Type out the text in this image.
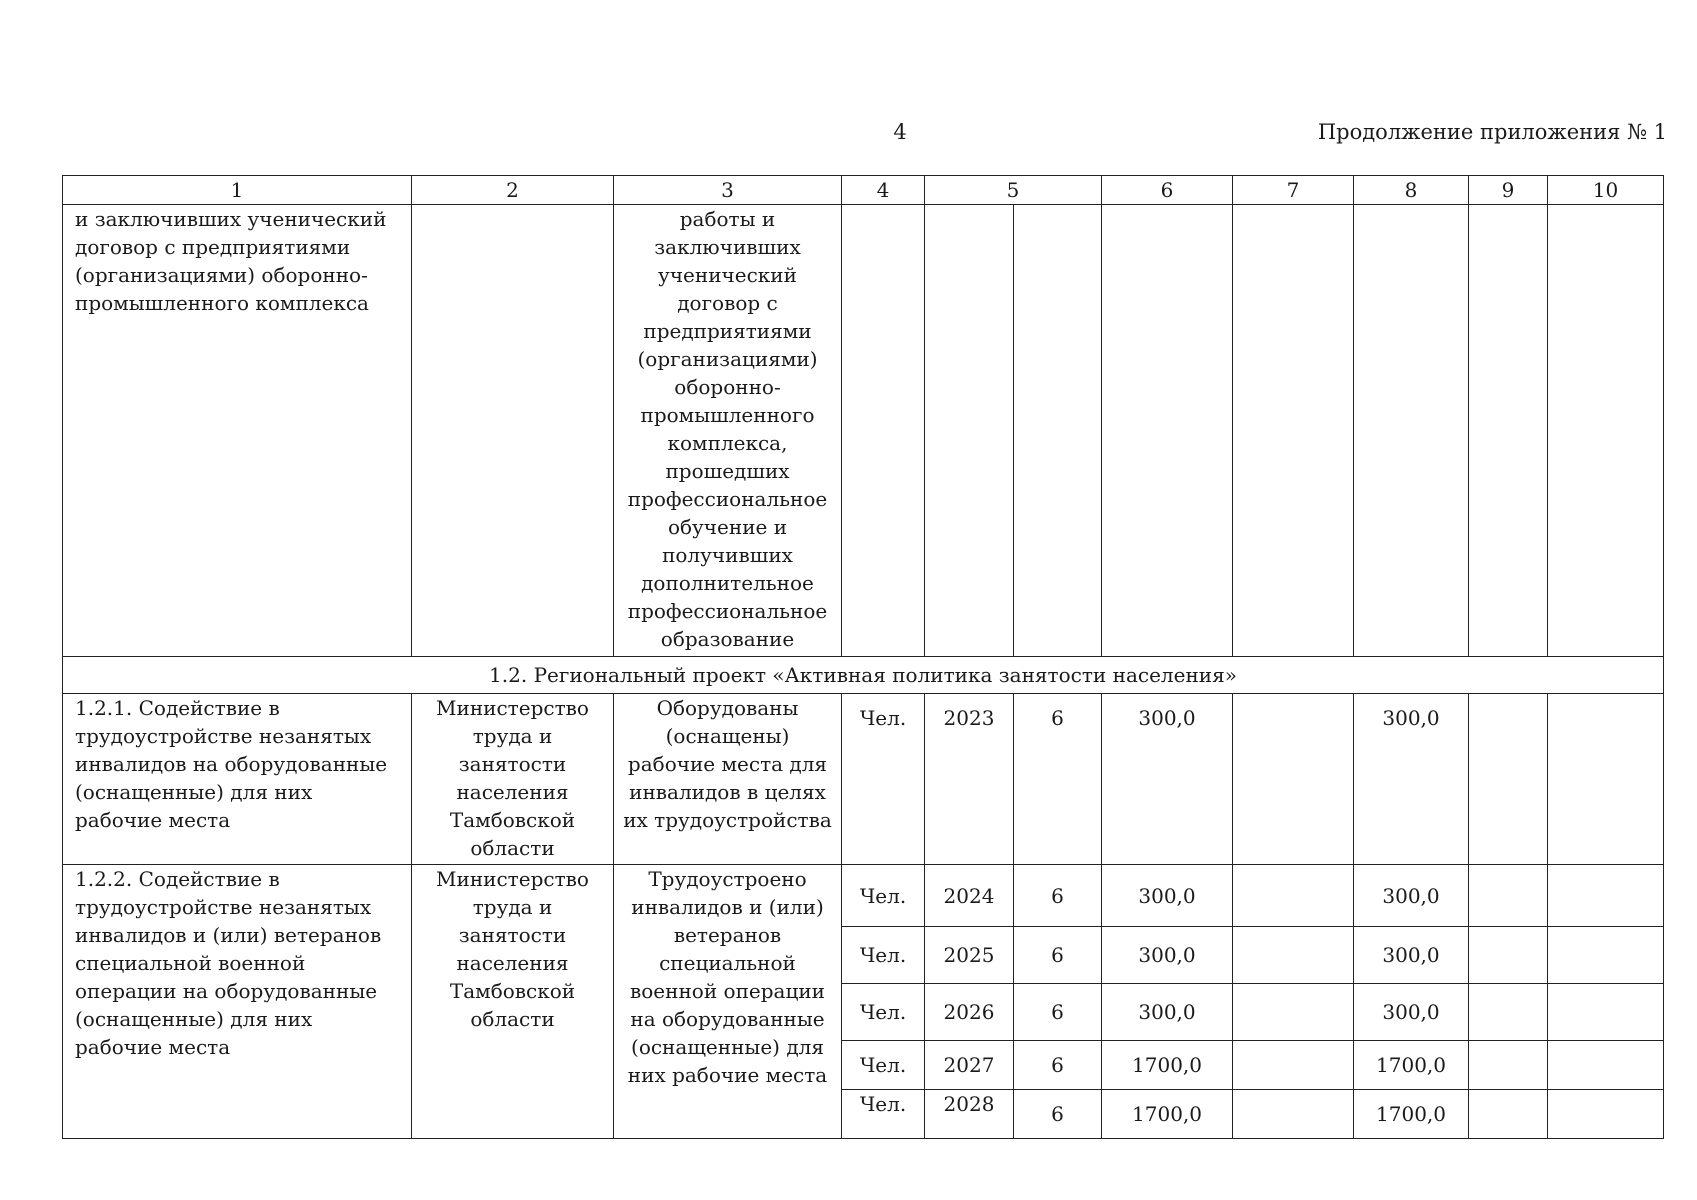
4	Продолжение приложения № 1
1	2	3	4	5		6	7	8	9	10
и заключивших ученический договор с предприятиями (организациями) оборонно-промышленного комплекса		работы и заключивших ученический договор с предприятиями (организациями) оборонно-промышленного комплекса, прошедших профессиональное обучение и получивших дополнительное профессиональное образование								
1.2. Региональный проект «Активная политика занятости населения»										
1.2.1. Содействие в трудоустройстве незанятых инвалидов на оборудованные (оснащенные) для них рабочие места	Министерство труда и занятости населения Тамбовской области	Оборудованы (оснащены) рабочие места для инвалидов в целях их трудоустройства	Чел.	2023	6	300,0		300,0		
1.2.2. Содействие в трудоустройстве незанятых инвалидов и (или) ветеранов специальной военной операции на оборудованные (оснащенные) для них рабочие места	Министерство труда и занятости населения Тамбовской области	Трудоустроено инвалидов и (или) ветеранов специальной военной операции на оборудованные (оснащенные) для них рабочие места	Чел.	2024	6	300,0		300,0		
			Чел.	2025	6	300,0		300,0		
			Чел.	2026	6	300,0		300,0		
			Чел.	2027	6	1700,0		1700,0		
			Чел.	2028	6	1700,0		1700,0		
